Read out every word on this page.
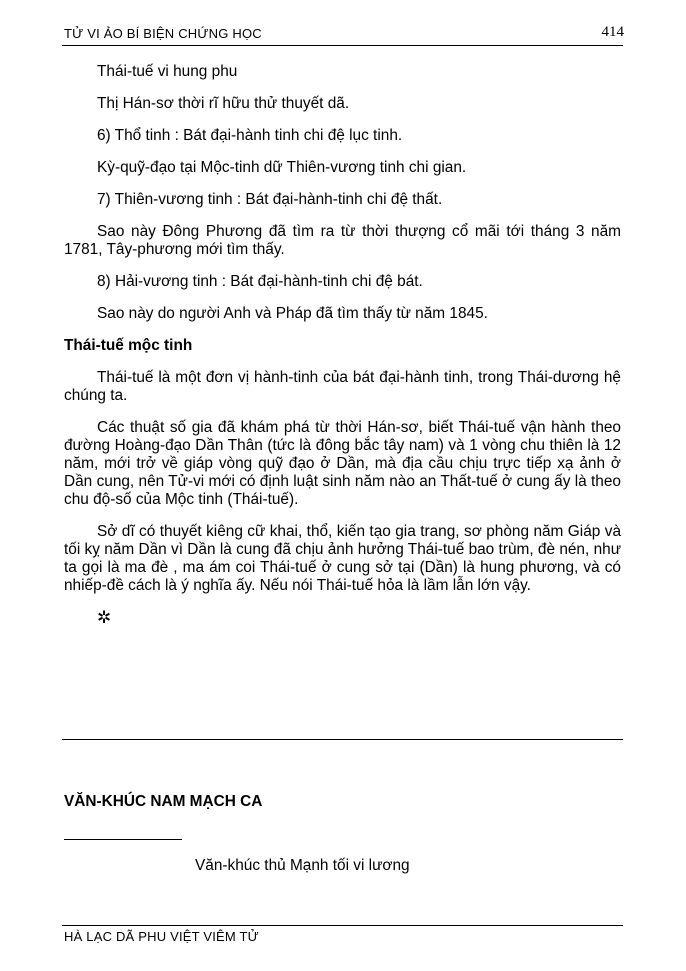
TỬ VI ẢO BÍ BIỆN CHỨNG HỌC	414

Thái-tuế vi hung phu

Thị Hán-sơ thời rĩ hữu thử thuyết dã.

6) Thổ tinh : Bát đại-hành tinh chi đệ lục tinh.

Kỳ-quỹ-đạo tại Mộc-tinh dữ Thiên-vương tinh chi gian.

7) Thiên-vương tinh : Bát đại-hành-tinh chi đệ thất.

Sao này Đông Phương đã tìm ra từ thời thượng cổ mãi tới tháng 3 năm 1781, Tây-phương mới tìm thấy.

8) Hải-vương tinh : Bát đại-hành-tinh chi đệ bát.

Sao này do người Anh và Pháp đã tìm thấy từ năm 1845.

Thái-tuế mộc tinh

Thái-tuế là một đơn vị hành-tinh của bát đại-hành tinh, trong Thái-dương hệ chúng ta.

Các thuật số gia đã khám phá từ thời Hán-sơ, biết Thái-tuế vận hành theo đường Hoàng-đạo Dần Thân (tức là đông bắc tây nam) và 1 vòng chu thiên là 12 năm, mới trở về giáp vòng quỹ đạo ở Dần, mà địa cầu chịu trực tiếp xạ ảnh ở Dần cung, nên Tử-vi mới có định luật sinh năm nào an Thất-tuế ở cung ấy là theo chu độ-số của Mộc tinh (Thái-tuế).

Sở dĩ có thuyết kiêng cữ khai, thổ, kiến tạo gia trang, sơ phòng năm Giáp và tối kỵ năm Dần vì Dần là cung đã chịu ảnh hưởng Thái-tuế bao trùm, đè nén, như ta gọi là ma đè , ma ám coi Thái-tuế ở cung sở tại (Dần) là hung phương, và có nhiếp-đề cách là ý nghĩa ấy. Nếu nói Thái-tuế hỏa là lầm lẫn lớn vậy.

✲

VĂN-KHÚC NAM MẠCH CA
Văn-khúc thủ Mạnh tối vi lương
HÀ LẠC DÃ PHU VIỆT VIÊM TỬ
